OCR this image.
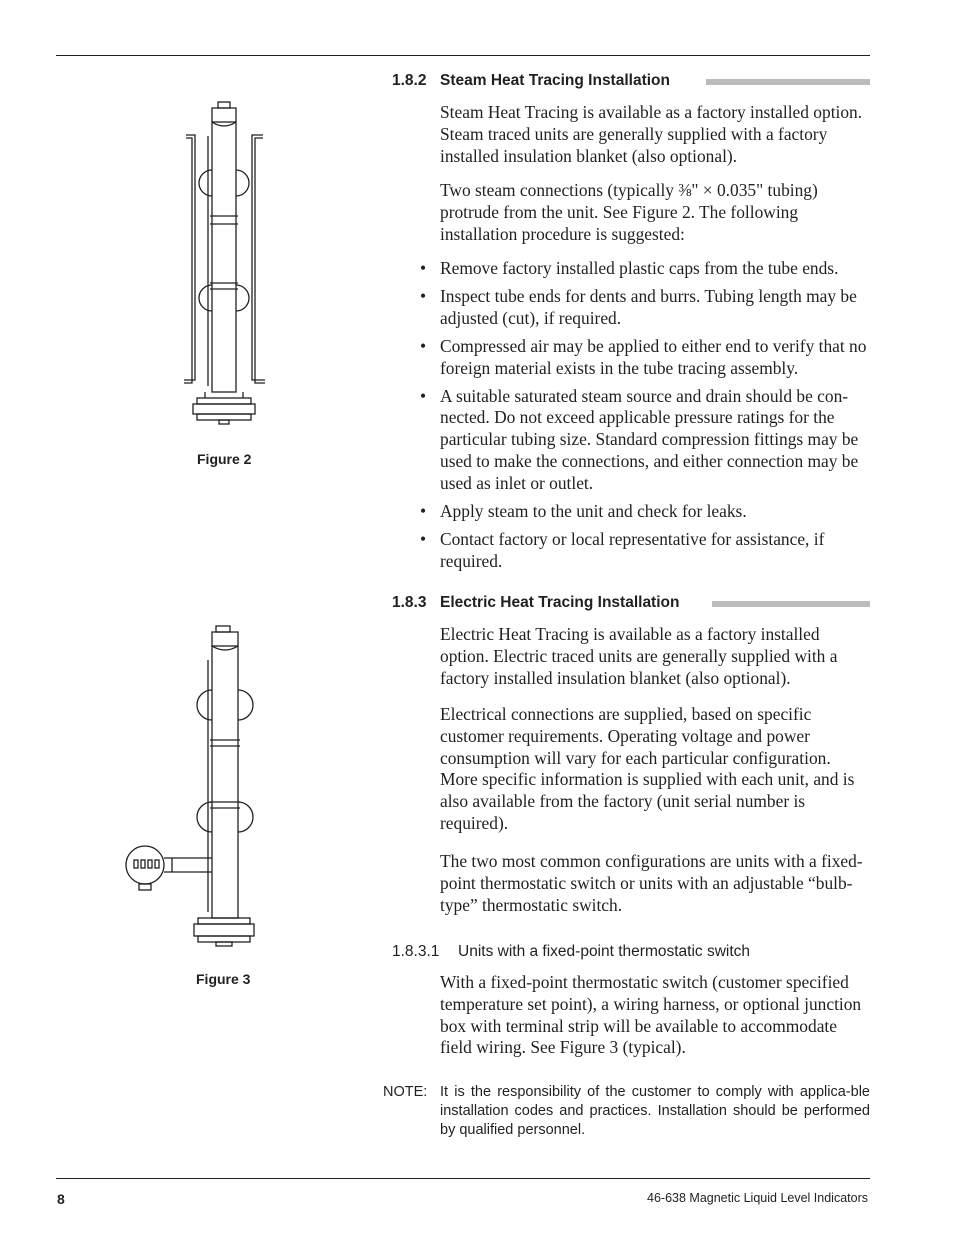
1.8.2 Steam Heat Tracing Installation

Steam Heat Tracing is available as a factory installed option. Steam traced units are generally supplied with a factory installed insulation blanket (also optional).

Two steam connections (typically ⅜" × 0.035" tubing) protrude from the unit. See Figure 2. The following installation procedure is suggested:

• Remove factory installed plastic caps from the tube ends.
• Inspect tube ends for dents and burrs. Tubing length may be adjusted (cut), if required.
• Compressed air may be applied to either end to verify that no foreign material exists in the tube tracing assembly.
• A suitable saturated steam source and drain should be con-nected. Do not exceed applicable pressure ratings for the particular tubing size. Standard compression fittings may be used to make the connections, and either connection may be used as inlet or outlet.
• Apply steam to the unit and check for leaks.
• Contact factory or local representative for assistance, if required.
1.8.3 Electric Heat Tracing Installation

Electric Heat Tracing is available as a factory installed option. Electric traced units are generally supplied with a factory installed insulation blanket (also optional).

Electrical connections are supplied, based on specific customer requirements. Operating voltage and power consumption will vary for each particular configuration. More specific information is supplied with each unit, and is also available from the factory (unit serial number is required).

The two most common configurations are units with a fixed-point thermostatic switch or units with an adjustable “bulb-type” thermostatic switch.

1.8.3.1 Units with a fixed-point thermostatic switch

With a fixed-point thermostatic switch (customer specified temperature set point), a wiring harness, or optional junction box with terminal strip will be available to accommodate field wiring. See Figure 3 (typical).

NOTE: It is the responsibility of the customer to comply with applica-ble installation codes and practices. Installation should be performed by qualified personnel.

Figure 2
Figure 3
8	46-638 Magnetic Liquid Level Indicators
